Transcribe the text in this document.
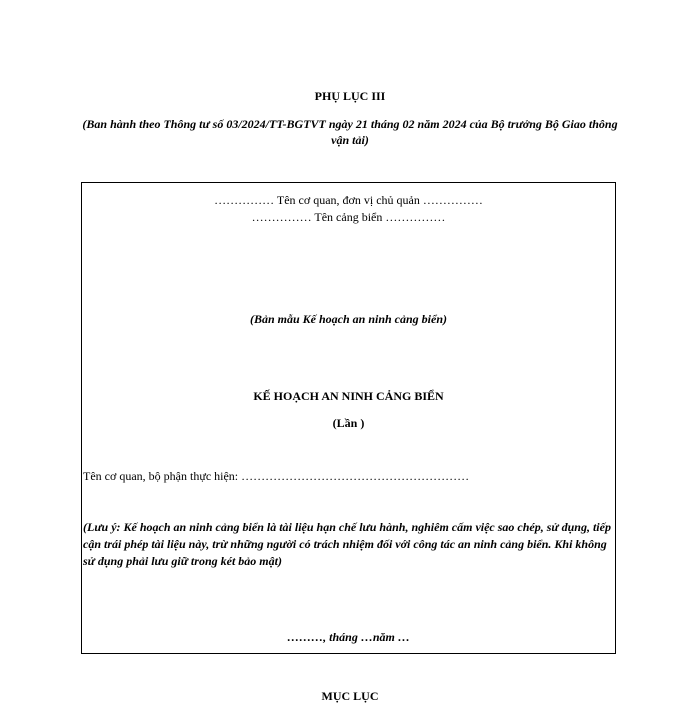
PHỤ LỤC III
(Ban hành theo Thông tư số 03/2024/TT-BGTVT ngày 21 tháng 02 năm 2024 của Bộ trưởng Bộ Giao thông vận tải)
…………… Tên cơ quan, đơn vị chủ quản ……………
…………… Tên cảng biển ……………
(Bản mẫu Kế hoạch an ninh cảng biển)
KẾ HOẠCH AN NINH CẢNG BIỂN
(Lần )
Tên cơ quan, bộ phận thực hiện: …………………………………………………
(Lưu ý: Kế hoạch an ninh cảng biển là tài liệu hạn chế lưu hành, nghiêm cấm việc sao chép, sử dụng, tiếp cận trái phép tài liệu này, trừ những người có trách nhiệm đối với công tác an ninh cảng biển. Khi không sử dụng phải lưu giữ trong két bảo mật)
………, tháng …năm …
MỤC LỤC
